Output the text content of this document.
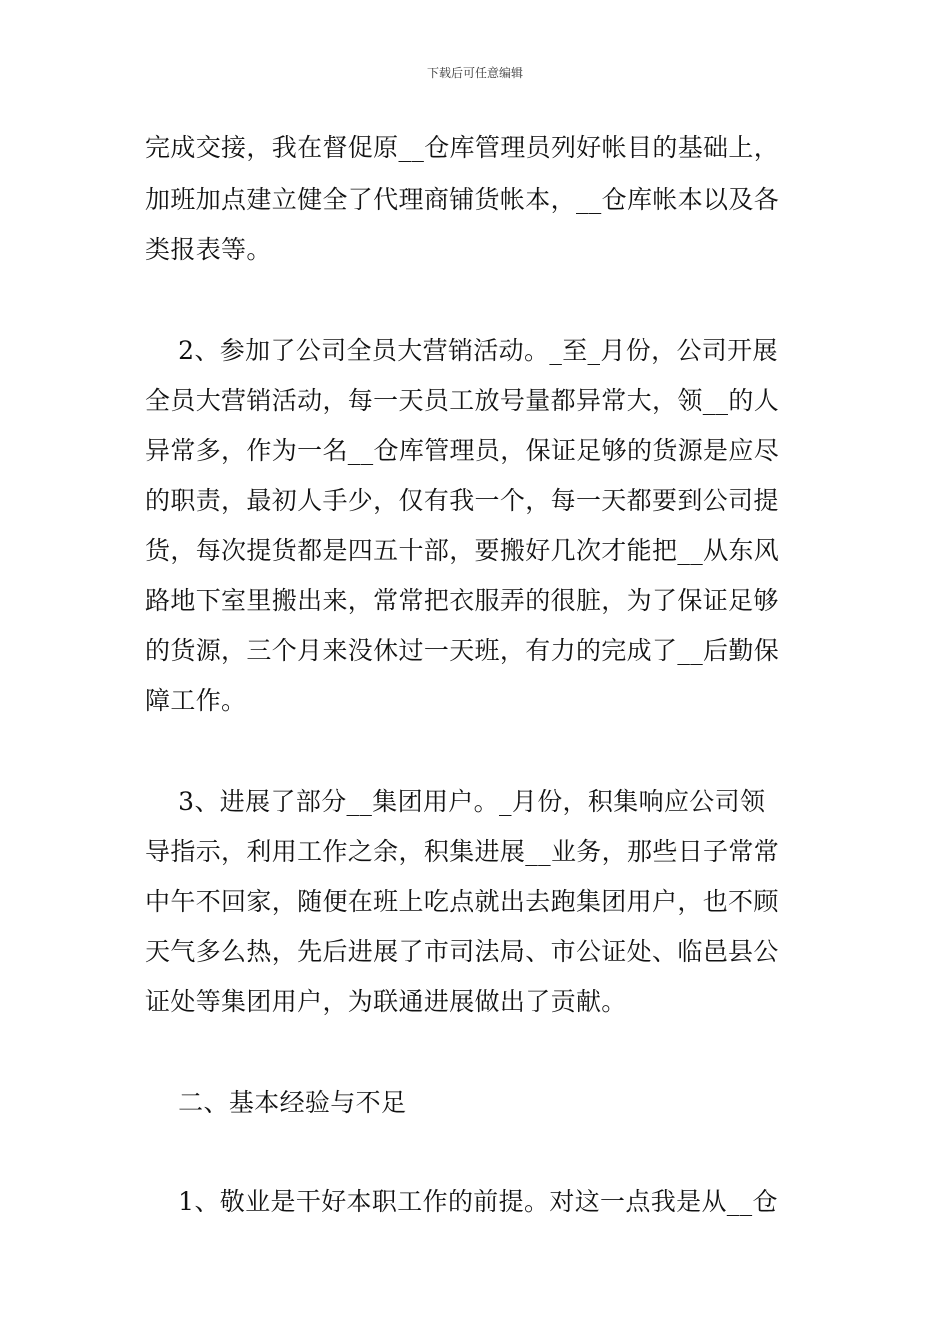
下载后可任意编辑
完成交接，我在督促原__仓库管理员列好帐目的基础上，
加班加点建立健全了代理商铺货帐本，__仓库帐本以及各
类报表等。
2、参加了公司全员大营销活动。_至_月份，公司开展
全员大营销活动，每一天员工放号量都异常大，领__的人
异常多，作为一名__仓库管理员，保证足够的货源是应尽
的职责，最初人手少，仅有我一个，每一天都要到公司提
货，每次提货都是四五十部，要搬好几次才能把__从东风
路地下室里搬出来，常常把衣服弄的很脏，为了保证足够
的货源，三个月来没休过一天班，有力的完成了__后勤保
障工作。
3、进展了部分__集团用户。_月份，积集响应公司领
导指示，利用工作之余，积集进展__业务，那些日子常常
中午不回家，随便在班上吃点就出去跑集团用户，也不顾
天气多么热，先后进展了市司法局、市公证处、临邑县公
证处等集团用户，为联通进展做出了贡献。
二、基本经验与不足
1、敬业是干好本职工作的前提。对这一点我是从__仓
